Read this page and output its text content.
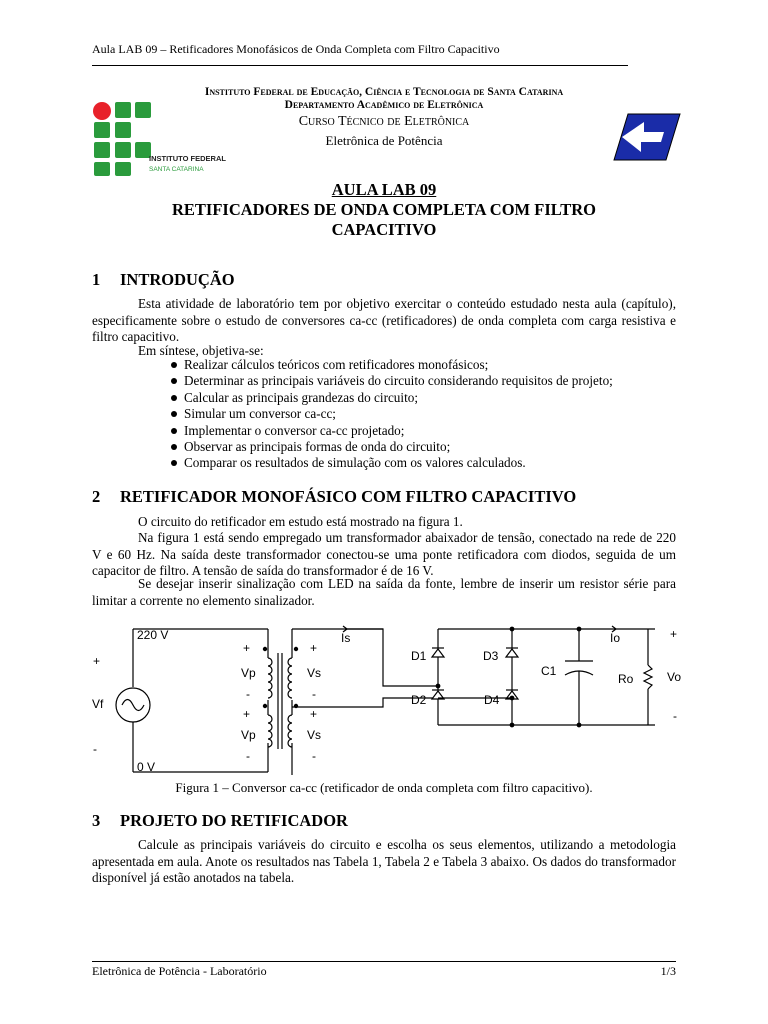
Aula LAB 09 – Retificadores Monofásicos de Onda Completa com Filtro Capacitivo
INSTITUTO FEDERAL
SANTA CATARINA
Instituto Federal de Educação, Ciência e Tecnologia de Santa Catarina
Departamento Acadêmico de Eletrônica
Curso Técnico de Eletrônica
Eletrônica de Potência
AULA LAB 09
RETIFICADORES DE ONDA COMPLETA COM FILTRO
CAPACITIVO
1 INTRODUÇÃO
Esta atividade de laboratório tem por objetivo exercitar o conteúdo estudado nesta aula (capítulo), especificamente sobre o estudo de conversores ca-cc (retificadores) de onda completa com carga resistiva e filtro capacitivo.
Em síntese, objetiva-se:
Realizar cálculos teóricos com retificadores monofásicos;
Determinar as principais variáveis do circuito considerando requisitos de projeto;
Calcular as principais grandezas do circuito;
Simular um conversor ca-cc;
Implementar o conversor ca-cc projetado;
Observar as principais formas de onda do circuito;
Comparar os resultados de simulação com os valores calculados.
2 RETIFICADOR MONOFÁSICO COM FILTRO CAPACITIVO
O circuito do retificador em estudo está mostrado na figura 1.
Na figura 1 está sendo empregado um transformador abaixador de tensão, conectado na rede de 220 V e 60 Hz. Na saída deste transformador conectou-se uma ponte retificadora com diodos, seguida de um capacitor de filtro. A tensão de saída do transformador é de 16 V.
Se desejar inserir sinalização com LED na saída da fonte, lembre de inserir um resistor série para limitar a corrente no elemento sinalizador.
220 V
0 V
+
Vf
-
+
Vp
-
+
Vp
-
+
Vs
-
+
Vs
-
Is
D1
D2
D3
D4
C1
Io
Ro
+
Vo
-
Figura 1 – Conversor ca-cc (retificador de onda completa com filtro capacitivo).
3 PROJETO DO RETIFICADOR
Calcule as principais variáveis do circuito e escolha os seus elementos, utilizando a metodologia apresentada em aula. Anote os resultados nas Tabela 1, Tabela 2 e Tabela 3 abaixo. Os dados do transformador disponível já estão anotados na tabela.
Eletrônica de Potência - Laboratório	1/3
